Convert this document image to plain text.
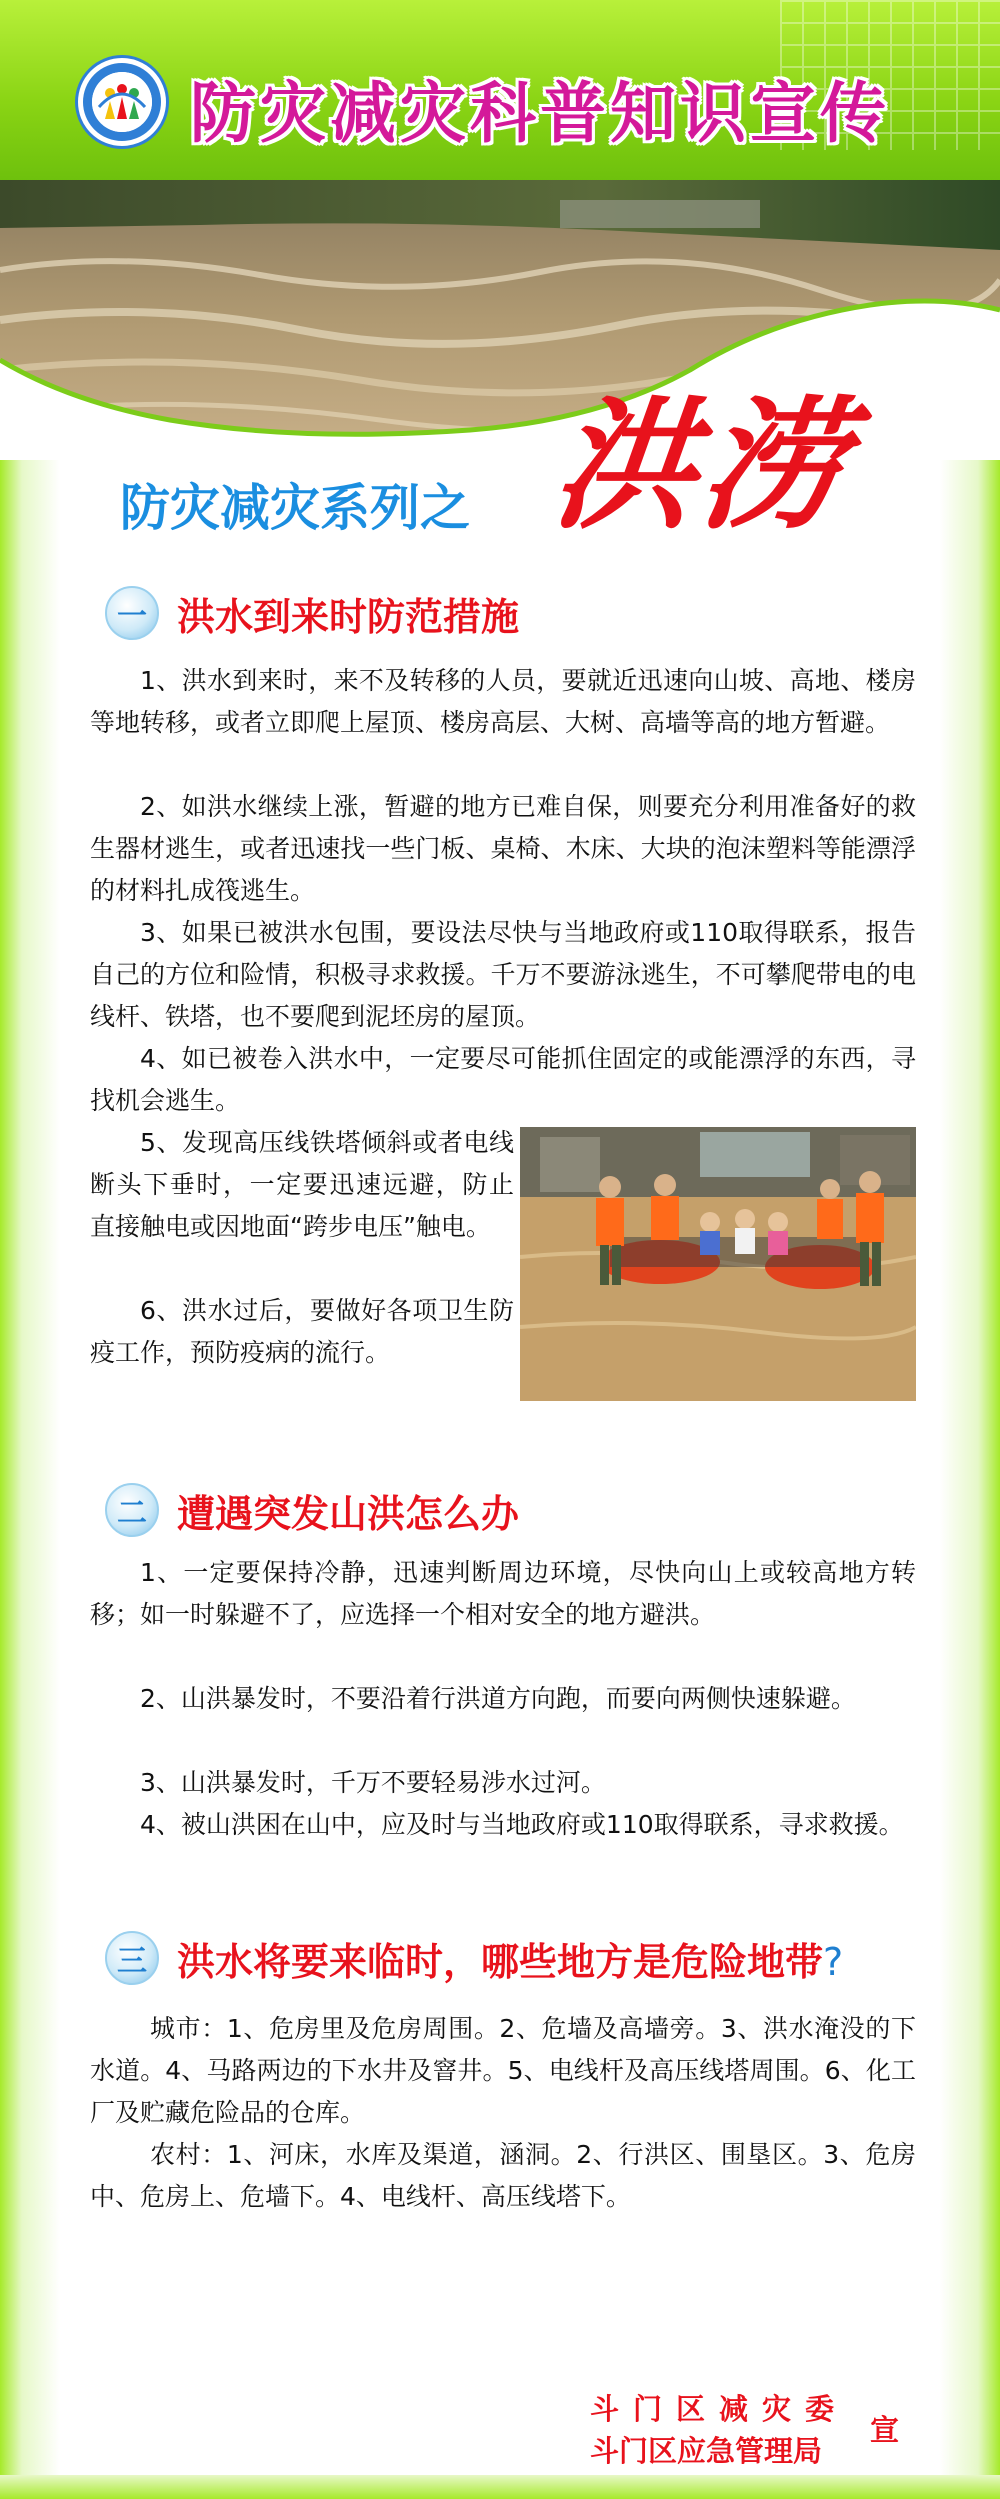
防灾减灾科普知识宣传
防灾减灾系列之 洪涝
一 洪水到来时防范措施
1、洪水到来时，来不及转移的人员，要就近迅速向山坡、高地、楼房等地转移，或者立即爬上屋顶、楼房高层、大树、高墙等高的地方暂避。
2、如洪水继续上涨，暂避的地方已难自保，则要充分利用准备好的救生器材逃生，或者迅速找一些门板、桌椅、木床、大块的泡沫塑料等能漂浮的材料扎成筏逃生。
3、如果已被洪水包围，要设法尽快与当地政府或110取得联系，报告自己的方位和险情，积极寻求救援。千万不要游泳逃生，不可攀爬带电的电线杆、铁塔，也不要爬到泥坯房的屋顶。
4、如已被卷入洪水中，一定要尽可能抓住固定的或能漂浮的东西，寻找机会逃生。
5、发现高压线铁塔倾斜或者电线断头下垂时，一定要迅速远避，防止直接触电或因地面“跨步电压”触电。
6、洪水过后，要做好各项卫生防疫工作，预防疫病的流行。
二 遭遇突发山洪怎么办
1、一定要保持冷静，迅速判断周边环境，尽快向山上或较高地方转移；如一时躲避不了，应选择一个相对安全的地方避洪。
2、山洪暴发时，不要沿着行洪道方向跑，而要向两侧快速躲避。
3、山洪暴发时，千万不要轻易涉水过河。
4、被山洪困在山中，应及时与当地政府或110取得联系，寻求救援。
三 洪水将要来临时，哪些地方是危险地带?
城市：1、危房里及危房周围。2、危墙及高墙旁。3、洪水淹没的下水道。4、马路两边的下水井及窨井。5、电线杆及高压线塔周围。6、化工厂及贮藏危险品的仓库。
农村：1、河床，水库及渠道，涵洞。2、行洪区、围垦区。3、危房中、危房上、危墙下。4、电线杆、高压线塔下。
斗门区减灾委
斗门区应急管理局
宣
